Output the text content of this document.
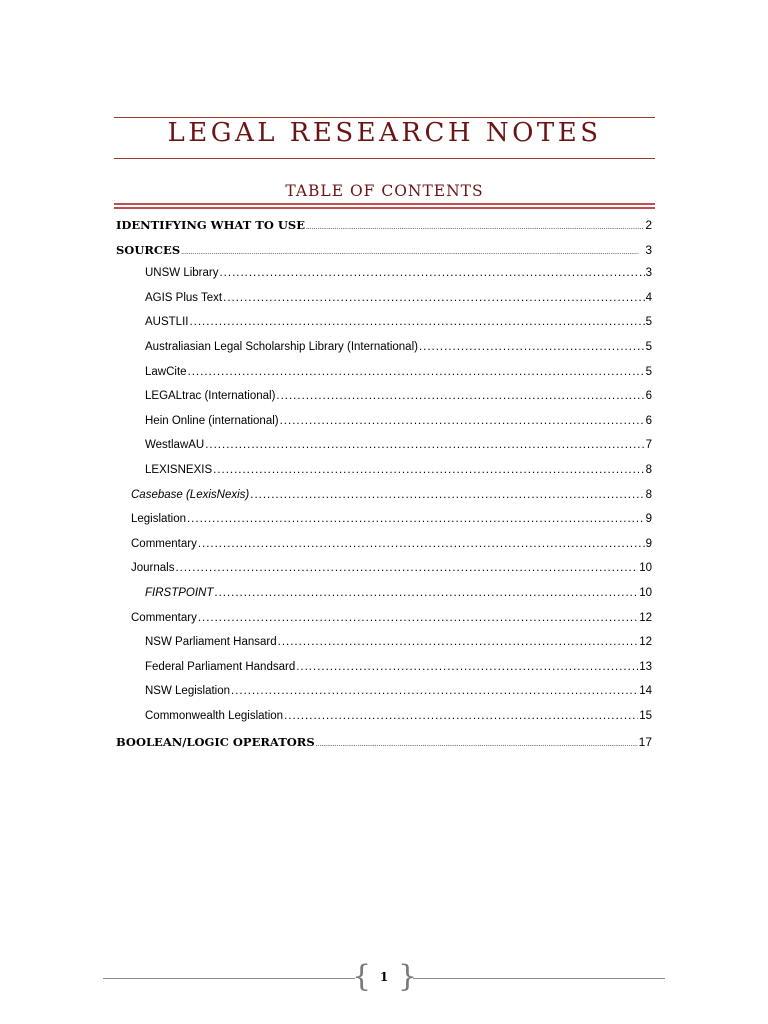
LEGAL RESEARCH NOTES
TABLE OF CONTENTS
IDENTIFYING WHAT TO USE .....	2
SOURCES .....	3
UNSW Library .....	3
AGIS Plus Text .....	4
AUSTLII .....	5
Australiasian Legal Scholarship Library (International) .....	5
LawCite .....	5
LEGALtrac (International) .....	6
Hein Online (international) .....	6
WestlawAU .....	7
LEXISNEXIS .....	8
Casebase (LexisNexis) .....	8
Legislation .....	9
Commentary .....	9
Journals .....	10
FIRSTPOINT .....	10
Commentary .....	12
NSW Parliament Hansard .....	12
Federal Parliament Handsard .....	13
NSW Legislation .....	14
Commonwealth Legislation .....	15
BOOLEAN/LOGIC OPERATORS .....	17
{ }
1
